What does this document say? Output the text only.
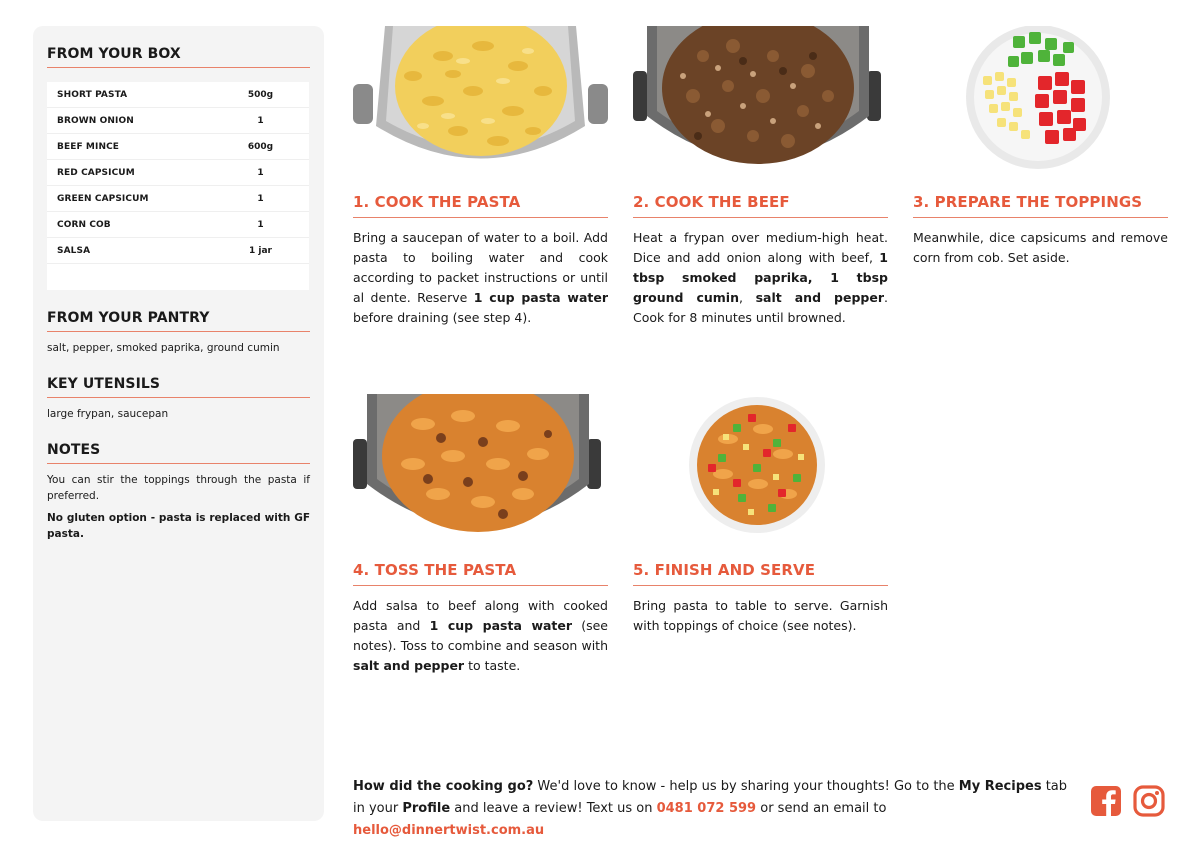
FROM YOUR BOX
SHORT PASTA	500g
BROWN ONION	1
BEEF MINCE	600g
RED CAPSICUM	1
GREEN CAPSICUM	1
CORN COB	1
SALSA	1 jar
FROM YOUR PANTRY
salt, pepper, smoked paprika, ground cumin
KEY UTENSILS
large frypan, saucepan
NOTES
You can stir the toppings through the pasta if preferred.
No gluten option - pasta is replaced with GF pasta.
1. COOK THE PASTA
Bring a saucepan of water to a boil. Add pasta to boiling water and cook according to packet instructions or until al dente. Reserve 1 cup pasta water before draining (see step 4).
2. COOK THE BEEF
Heat a frypan over medium-high heat. Dice and add onion along with beef, 1 tbsp smoked paprika, 1 tbsp ground cumin, salt and pepper. Cook for 8 minutes until browned.
3. PREPARE THE TOPPINGS
Meanwhile, dice capsicums and remove corn from cob. Set aside.
4. TOSS THE PASTA
Add salsa to beef along with cooked pasta and 1 cup pasta water (see notes). Toss to combine and season with salt and pepper to taste.
5. FINISH AND SERVE
Bring pasta to table to serve. Garnish with toppings of choice (see notes).
How did the cooking go? We'd love to know - help us by sharing your thoughts! Go to the My Recipes tab in your Profile and leave a review! Text us on 0481 072 599 or send an email to hello@dinnertwist.com.au
